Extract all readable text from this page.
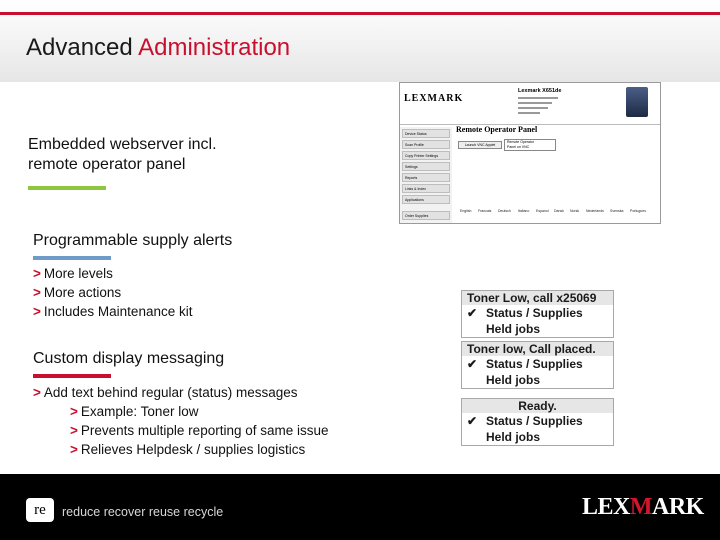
Advanced Administration
Embedded webserver incl.
remote operator panel
Programmable supply alerts
> More levels
> More actions
> Includes Maintenance kit
Custom display messaging
> Add text behind regular (status) messages
> Example: Toner low
> Prevents multiple reporting of same issue
> Relieves Helpdesk / supplies logistics
LEXMARK
Lexmark X651de
Device Status
Scan Profile
Copy Printer Settings
Settings
Reports
Links & Index
Applications
Order Supplies
Remote Operator Panel
Launch VNC Applet
Remote Operator
Panel on VNC
English Francais Deutsch Italiano Espanol Dansk Norsk Nederlands Svenska Portugues
Toner Low, call x25069
✔ Status / Supplies
Held jobs
Toner low, Call placed.
✔ Status / Supplies
Held jobs
Ready.
✔ Status / Supplies
Held jobs
re	reduce recover reuse recycle	LEXMARK
